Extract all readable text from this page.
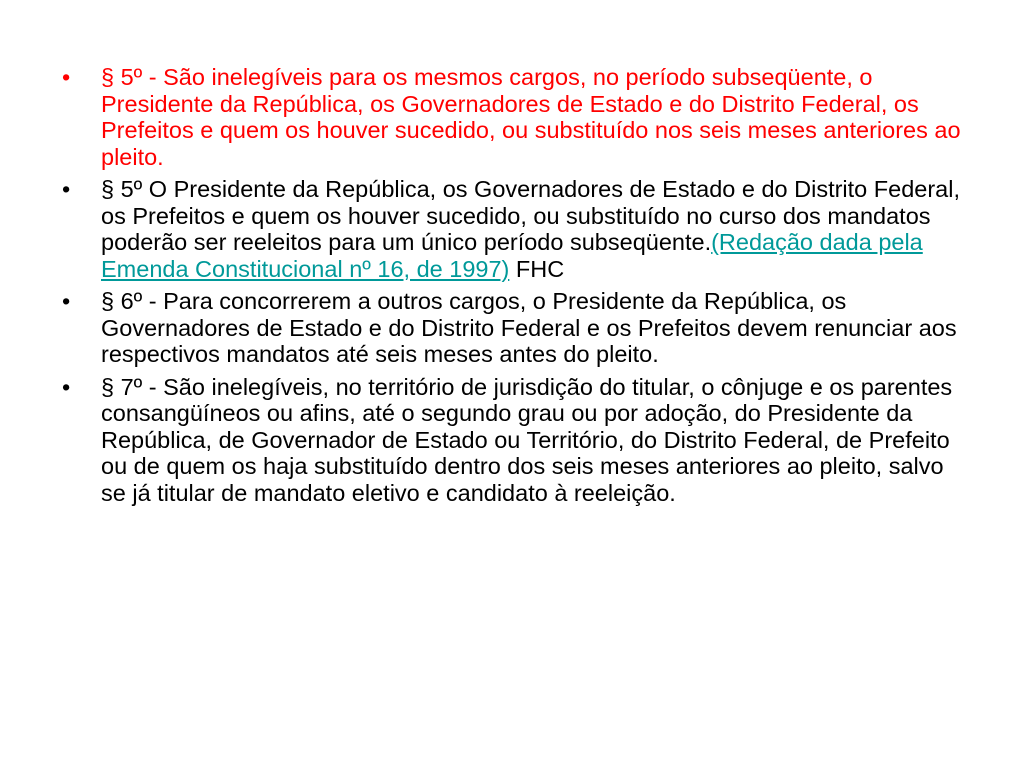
• § 5º - São inelegíveis para os mesmos cargos, no período subseqüente, o Presidente da República, os Governadores de Estado e do Distrito Federal, os Prefeitos e quem os houver sucedido, ou substituído nos seis meses anteriores ao pleito.
• § 5º O Presidente da República, os Governadores de Estado e do Distrito Federal, os Prefeitos e quem os houver sucedido, ou substituído no curso dos mandatos poderão ser reeleitos para um único período subseqüente.(Redação dada pela Emenda Constitucional nº 16, de 1997) FHC
• § 6º - Para concorrerem a outros cargos, o Presidente da República, os Governadores de Estado e do Distrito Federal e os Prefeitos devem renunciar aos respectivos mandatos até seis meses antes do pleito.
• § 7º - São inelegíveis, no território de jurisdição do titular, o cônjuge e os parentes consangüíneos ou afins, até o segundo grau ou por adoção, do Presidente da República, de Governador de Estado ou Território, do Distrito Federal, de Prefeito ou de quem os haja substituído dentro dos seis meses anteriores ao pleito, salvo se já titular de mandato eletivo e candidato à reeleição.
